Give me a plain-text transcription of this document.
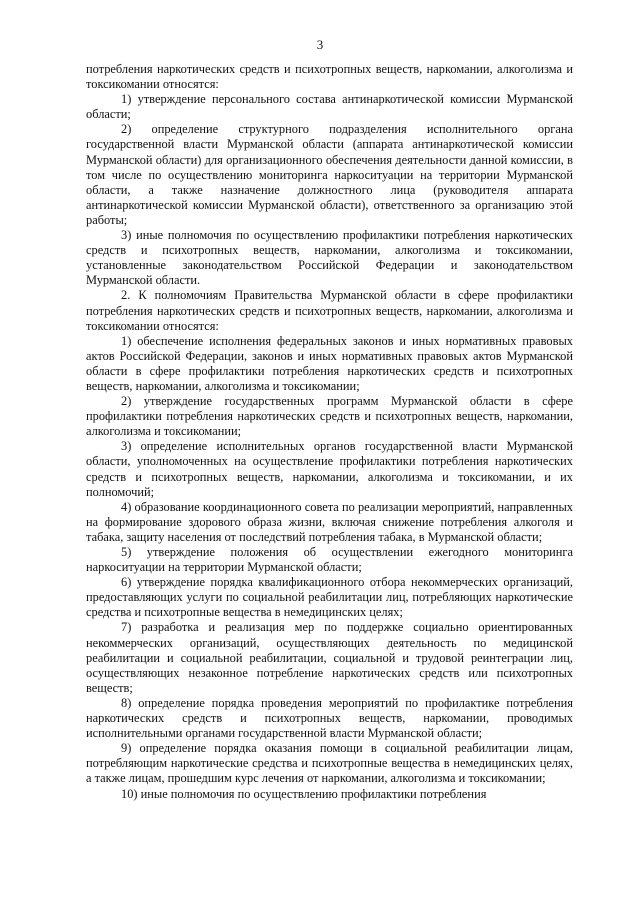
3

потребления наркотических средств и психотропных веществ, наркомании, алкоголизма и токсикомании относятся:

1) утверждение персонального состава антинаркотической комиссии Мурманской области;

2) определение структурного подразделения исполнительного органа государственной власти Мурманской области (аппарата антинаркотической комиссии Мурманской области) для организационного обеспечения деятельности данной комиссии, в том числе по осуществлению мониторинга наркоситуации на территории Мурманской области, а также назначение должностного лица (руководителя аппарата антинаркотической комиссии Мурманской области), ответственного за организацию этой работы;

3) иные полномочия по осуществлению профилактики потребления наркотических средств и психотропных веществ, наркомании, алкоголизма и токсикомании, установленные законодательством Российской Федерации и законодательством Мурманской области.

2. К полномочиям Правительства Мурманской области в сфере профилактики потребления наркотических средств и психотропных веществ, наркомании, алкоголизма и токсикомании относятся:

1) обеспечение исполнения федеральных законов и иных нормативных правовых актов Российской Федерации, законов и иных нормативных правовых актов Мурманской области в сфере профилактики потребления наркотических средств и психотропных веществ, наркомании, алкоголизма и токсикомании;

2) утверждение государственных программ Мурманской области в сфере профилактики потребления наркотических средств и психотропных веществ, наркомании, алкоголизма и токсикомании;

3) определение исполнительных органов государственной власти Мурманской области, уполномоченных на осуществление профилактики потребления наркотических средств и психотропных веществ, наркомании, алкоголизма и токсикомании, и их полномочий;

4) образование координационного совета по реализации мероприятий, направленных на формирование здорового образа жизни, включая снижение потребления алкоголя и табака, защиту населения от последствий потребления табака, в Мурманской области;

5) утверждение положения об осуществлении ежегодного мониторинга наркоситуации на территории Мурманской области;

6) утверждение порядка квалификационного отбора некоммерческих организаций, предоставляющих услуги по социальной реабилитации лиц, потребляющих наркотические средства и психотропные вещества в немедицинских целях;

7) разработка и реализация мер по поддержке социально ориентированных некоммерческих организаций, осуществляющих деятельность по медицинской реабилитации и социальной реабилитации, социальной и трудовой реинтеграции лиц, осуществляющих незаконное потребление наркотических средств или психотропных веществ;

8) определение порядка проведения мероприятий по профилактике потребления наркотических средств и психотропных веществ, наркомании, проводимых исполнительными органами государственной власти Мурманской области;

9) определение порядка оказания помощи в социальной реабилитации лицам, потребляющим наркотические средства и психотропные вещества в немедицинских целях, а также лицам, прошедшим курс лечения от наркомании, алкоголизма и токсикомании;

10) иные полномочия по осуществлению профилактики потребления
